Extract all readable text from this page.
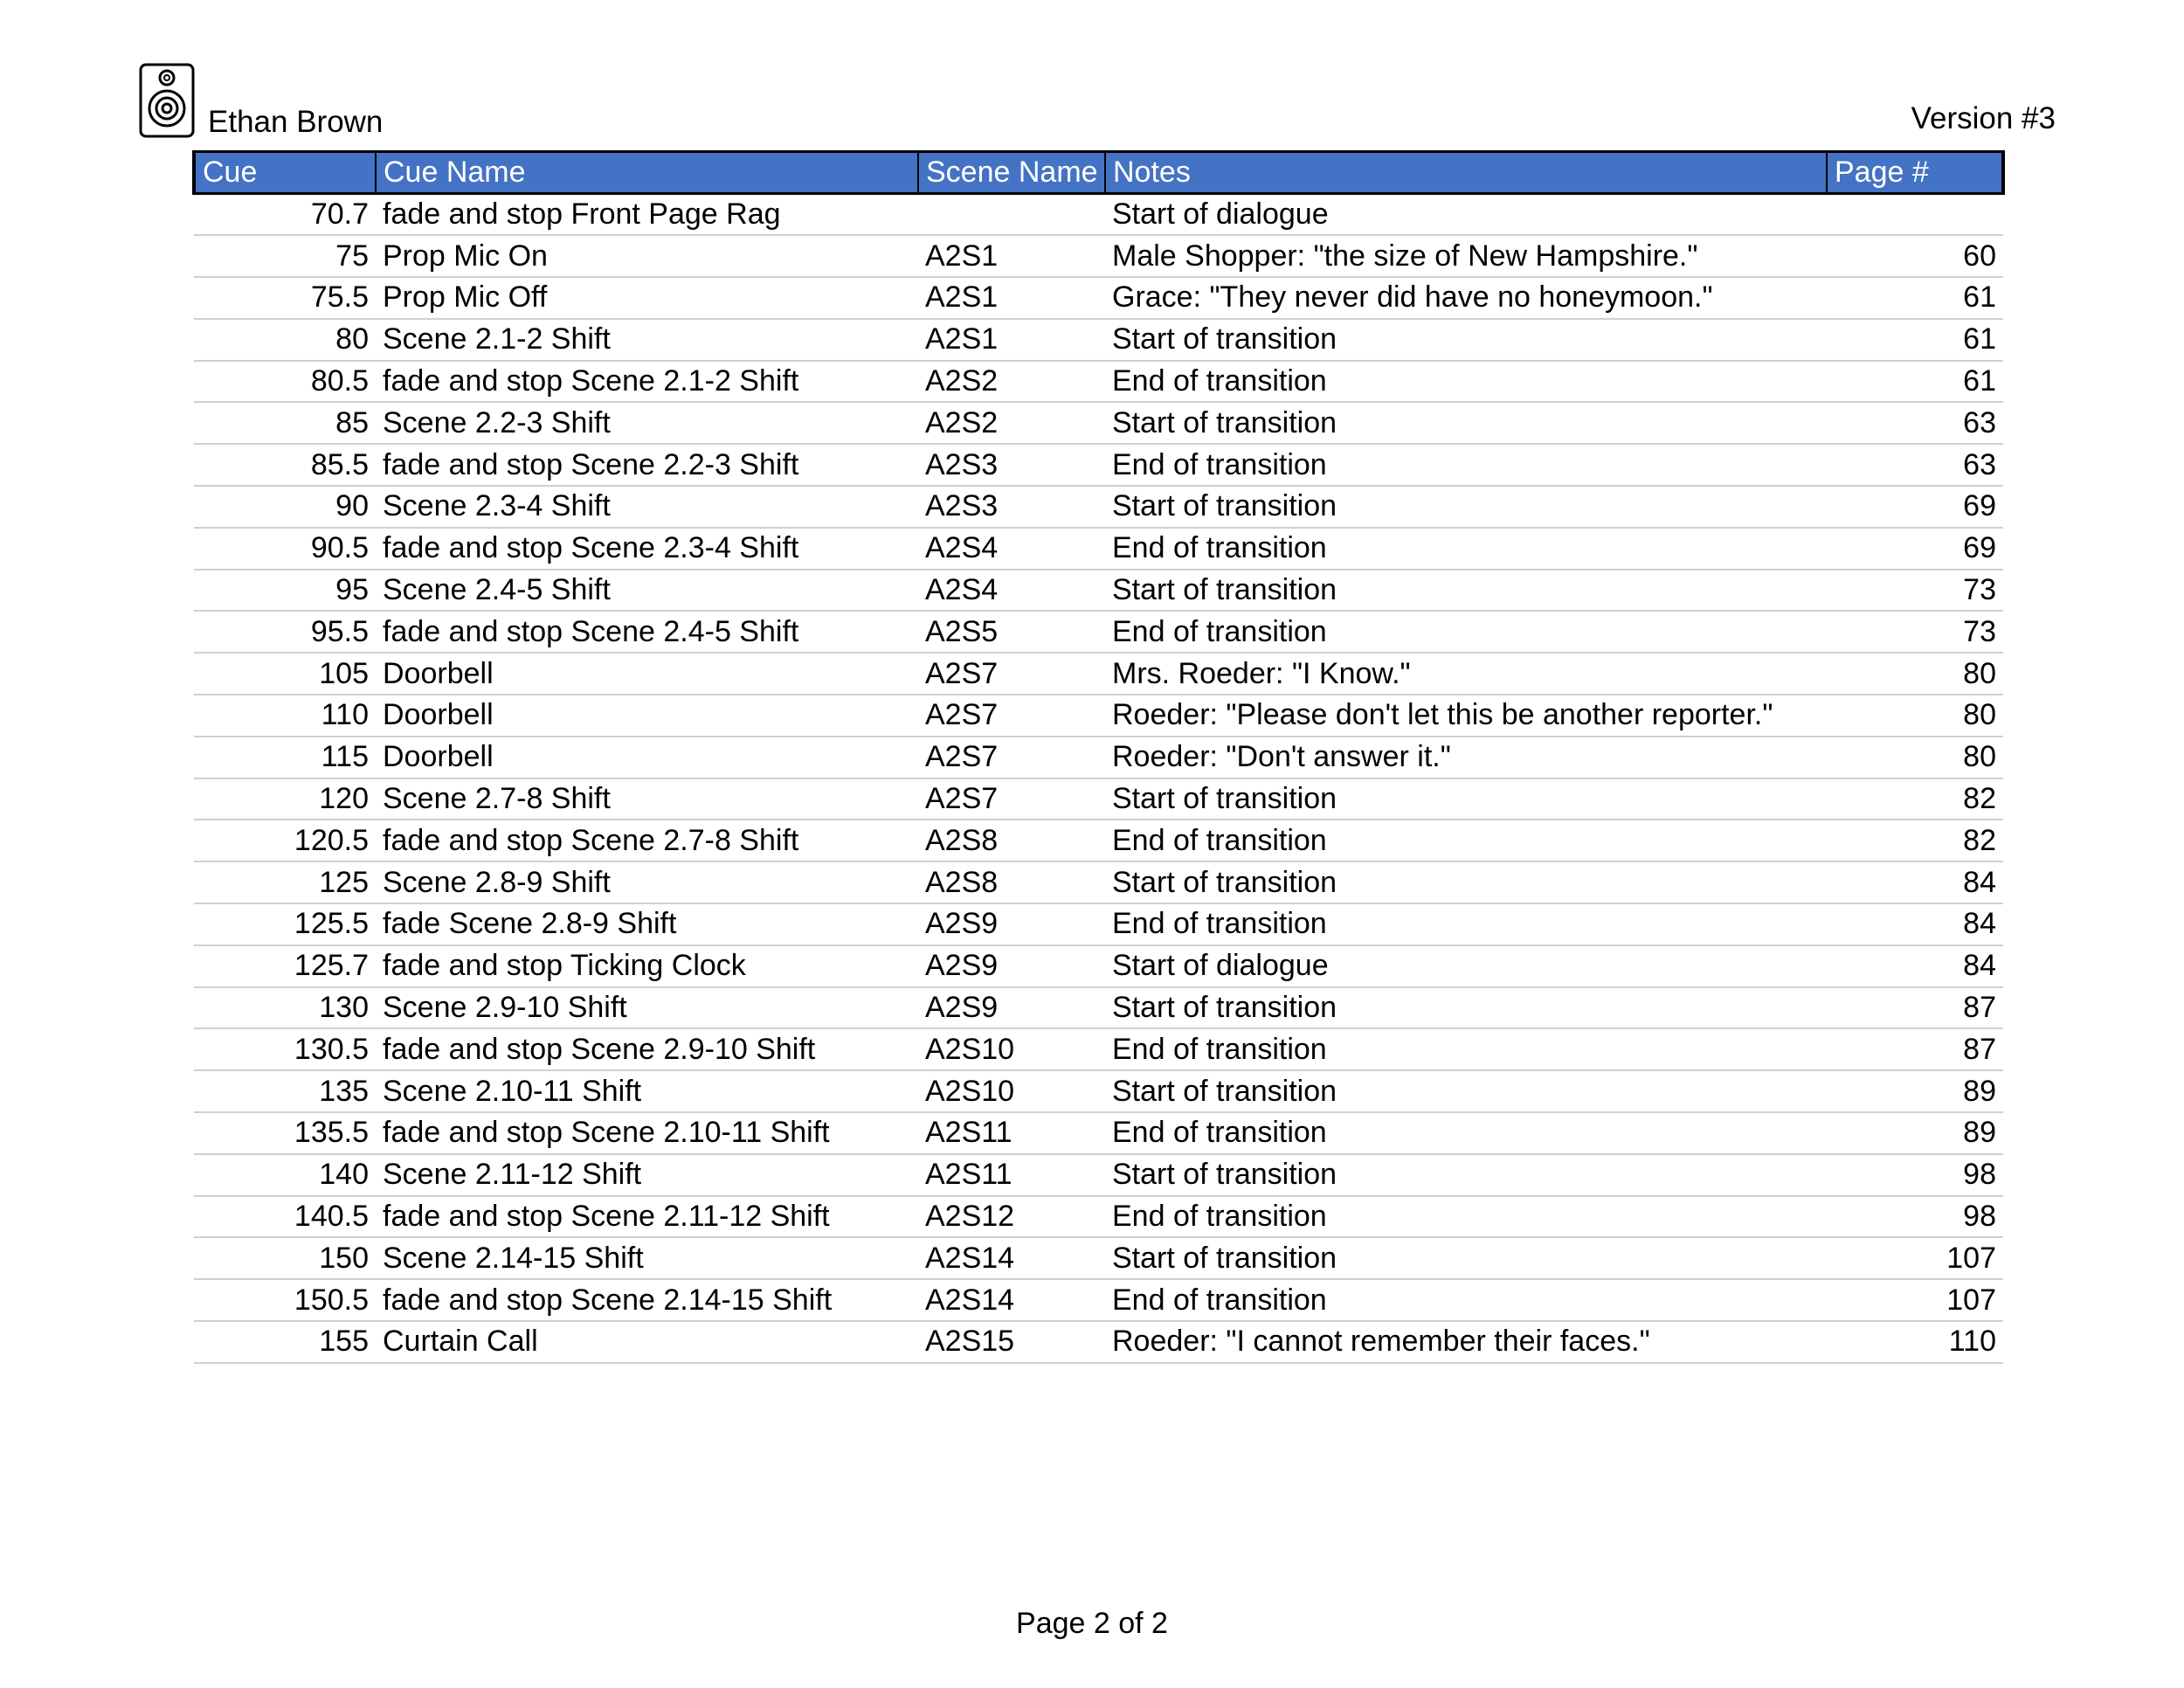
Ethan Brown	Version #3
Cue	Cue Name	Scene Name	Notes	Page #
70.7	fade and stop Front Page Rag		Start of dialogue	
75	Prop Mic On	A2S1	Male Shopper: "the size of New Hampshire."	60
75.5	Prop Mic Off	A2S1	Grace: "They never did have no honeymoon."	61
80	Scene 2.1-2 Shift	A2S1	Start of transition	61
80.5	fade and stop Scene 2.1-2 Shift	A2S2	End of transition	61
85	Scene 2.2-3 Shift	A2S2	Start of transition	63
85.5	fade and stop Scene 2.2-3 Shift	A2S3	End of transition	63
90	Scene 2.3-4 Shift	A2S3	Start of transition	69
90.5	fade and stop Scene 2.3-4 Shift	A2S4	End of transition	69
95	Scene 2.4-5 Shift	A2S4	Start of transition	73
95.5	fade and stop Scene 2.4-5 Shift	A2S5	End of transition	73
105	Doorbell	A2S7	Mrs. Roeder: "I Know."	80
110	Doorbell	A2S7	Roeder: "Please don't let this be another reporter."	80
115	Doorbell	A2S7	Roeder: "Don't answer it."	80
120	Scene 2.7-8 Shift	A2S7	Start of transition	82
120.5	fade and stop Scene 2.7-8 Shift	A2S8	End of transition	82
125	Scene 2.8-9 Shift	A2S8	Start of transition	84
125.5	fade Scene 2.8-9 Shift	A2S9	End of transition	84
125.7	fade and stop Ticking Clock	A2S9	Start of dialogue	84
130	Scene 2.9-10 Shift	A2S9	Start of transition	87
130.5	fade and stop Scene 2.9-10 Shift	A2S10	End of transition	87
135	Scene 2.10-11 Shift	A2S10	Start of transition	89
135.5	fade and stop Scene 2.10-11 Shift	A2S11	End of transition	89
140	Scene 2.11-12 Shift	A2S11	Start of transition	98
140.5	fade and stop Scene 2.11-12 Shift	A2S12	End of transition	98
150	Scene 2.14-15 Shift	A2S14	Start of transition	107
150.5	fade and stop Scene 2.14-15 Shift	A2S14	End of transition	107
155	Curtain Call	A2S15	Roeder: "I cannot remember their faces."	110
Page 2 of 2
